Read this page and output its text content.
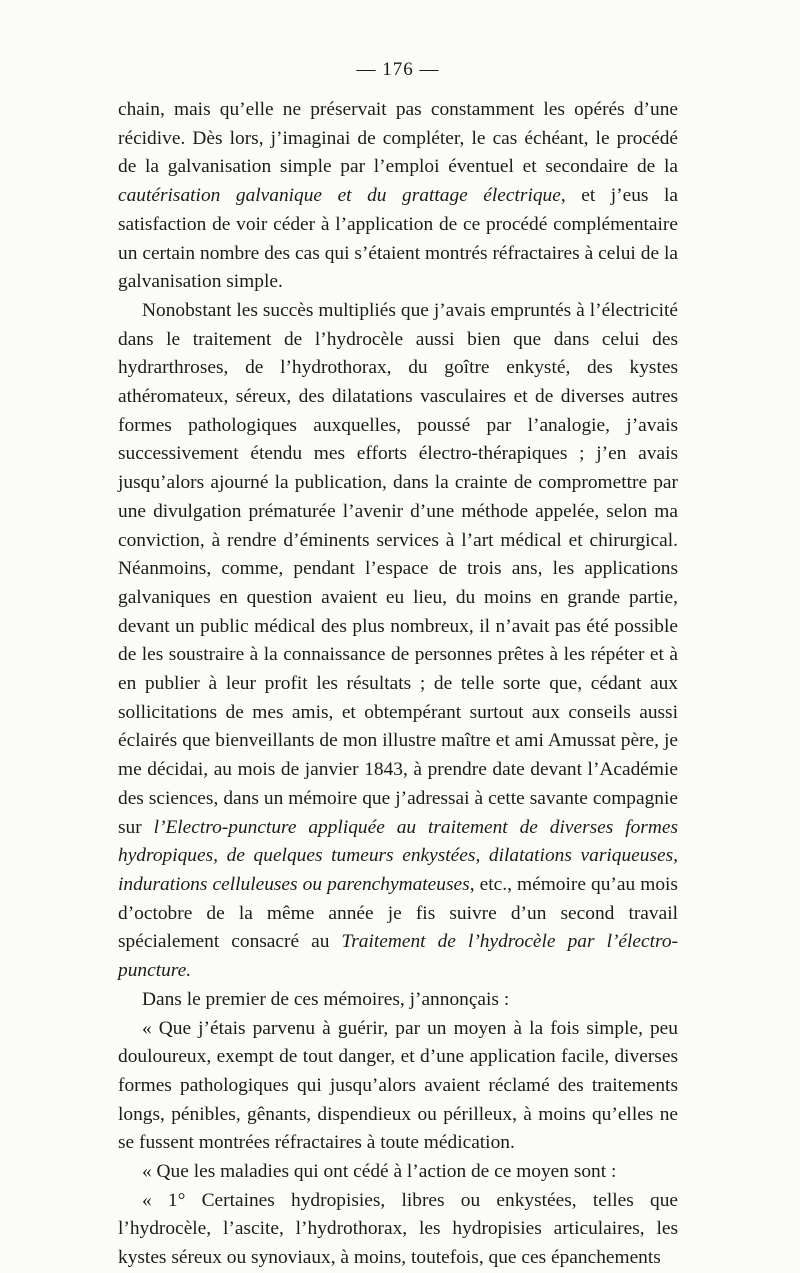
— 176 —

chain, mais qu’elle ne préservait pas constamment les opérés d’une récidive. Dès lors, j’imaginai de compléter, le cas échéant, le procédé de la galvanisation simple par l’emploi éventuel et secondaire de la cautérisation galvanique et du grattage électrique, et j’eus la satisfaction de voir céder à l’application de ce procédé complémentaire un certain nombre des cas qui s’étaient montrés réfractaires à celui de la galvanisation simple.

Nonobstant les succès multipliés que j’avais empruntés à l’électricité dans le traitement de l’hydrocèle aussi bien que dans celui des hydrarthroses, de l’hydrothorax, du goître enkysté, des kystes athéromateux, séreux, des dilatations vasculaires et de diverses autres formes pathologiques auxquelles, poussé par l’analogie, j’avais successivement étendu mes efforts électro-thérapiques ; j’en avais jusqu’alors ajourné la publication, dans la crainte de compromettre par une divulgation prématurée l’avenir d’une méthode appelée, selon ma conviction, à rendre d’éminents services à l’art médical et chirurgical. Néanmoins, comme, pendant l’espace de trois ans, les applications galvaniques en question avaient eu lieu, du moins en grande partie, devant un public médical des plus nombreux, il n’avait pas été possible de les soustraire à la connaissance de personnes prêtes à les répéter et à en publier à leur profit les résultats ; de telle sorte que, cédant aux sollicitations de mes amis, et obtempérant surtout aux conseils aussi éclairés que bienveillants de mon illustre maître et ami Amussat père, je me décidai, au mois de janvier 1843, à prendre date devant l’Académie des sciences, dans un mémoire que j’adressai à cette savante compagnie sur l’Electro-puncture appliquée au traitement de diverses formes hydropiques, de quelques tumeurs enkystées, dilatations variqueuses, indurations celluleuses ou parenchymateuses, etc., mémoire qu’au mois d’octobre de la même année je fis suivre d’un second travail spécialement consacré au Traitement de l’hydrocèle par l’électro-puncture.

Dans le premier de ces mémoires, j’annonçais :

« Que j’étais parvenu à guérir, par un moyen à la fois simple, peu douloureux, exempt de tout danger, et d’une application facile, diverses formes pathologiques qui jusqu’alors avaient réclamé des traitements longs, pénibles, gênants, dispendieux ou périlleux, à moins qu’elles ne se fussent montrées réfractaires à toute médication.

« Que les maladies qui ont cédé à l’action de ce moyen sont :

« 1° Certaines hydropisies, libres ou enkystées, telles que l’hydrocèle, l’ascite, l’hydrothorax, les hydropisies articulaires, les kystes séreux ou synoviaux, à moins, toutefois, que ces épanchements
